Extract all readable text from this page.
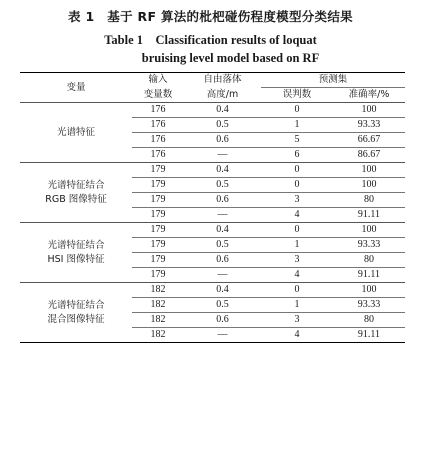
表 1　基于 RF 算法的枇杷碰伤程度模型分类结果
Table 1　Classification results of loquat
bruising level model based on RF
变量	输入	自由落体	预测集	
	变量数	高度/m	误判数	准确率/%

光谱特征	176	0.4	0	100
	176	0.5	1	93.33
	176	0.6	5	66.67
	176	—	6	86.67

光谱特征结合
RGB 图像特征	179	0.4	0	100
	179	0.5	0	100
	179	0.6	3	80
	179	—	4	91.11

光谱特征结合
HSI 图像特征	179	0.4	0	100
	179	0.5	1	93.33
	179	0.6	3	80
	179	—	4	91.11

光谱特征结合
混合图像特征	182	0.4	0	100
	182	0.5	1	93.33
	182	0.6	3	80
	182	—	4	91.11
